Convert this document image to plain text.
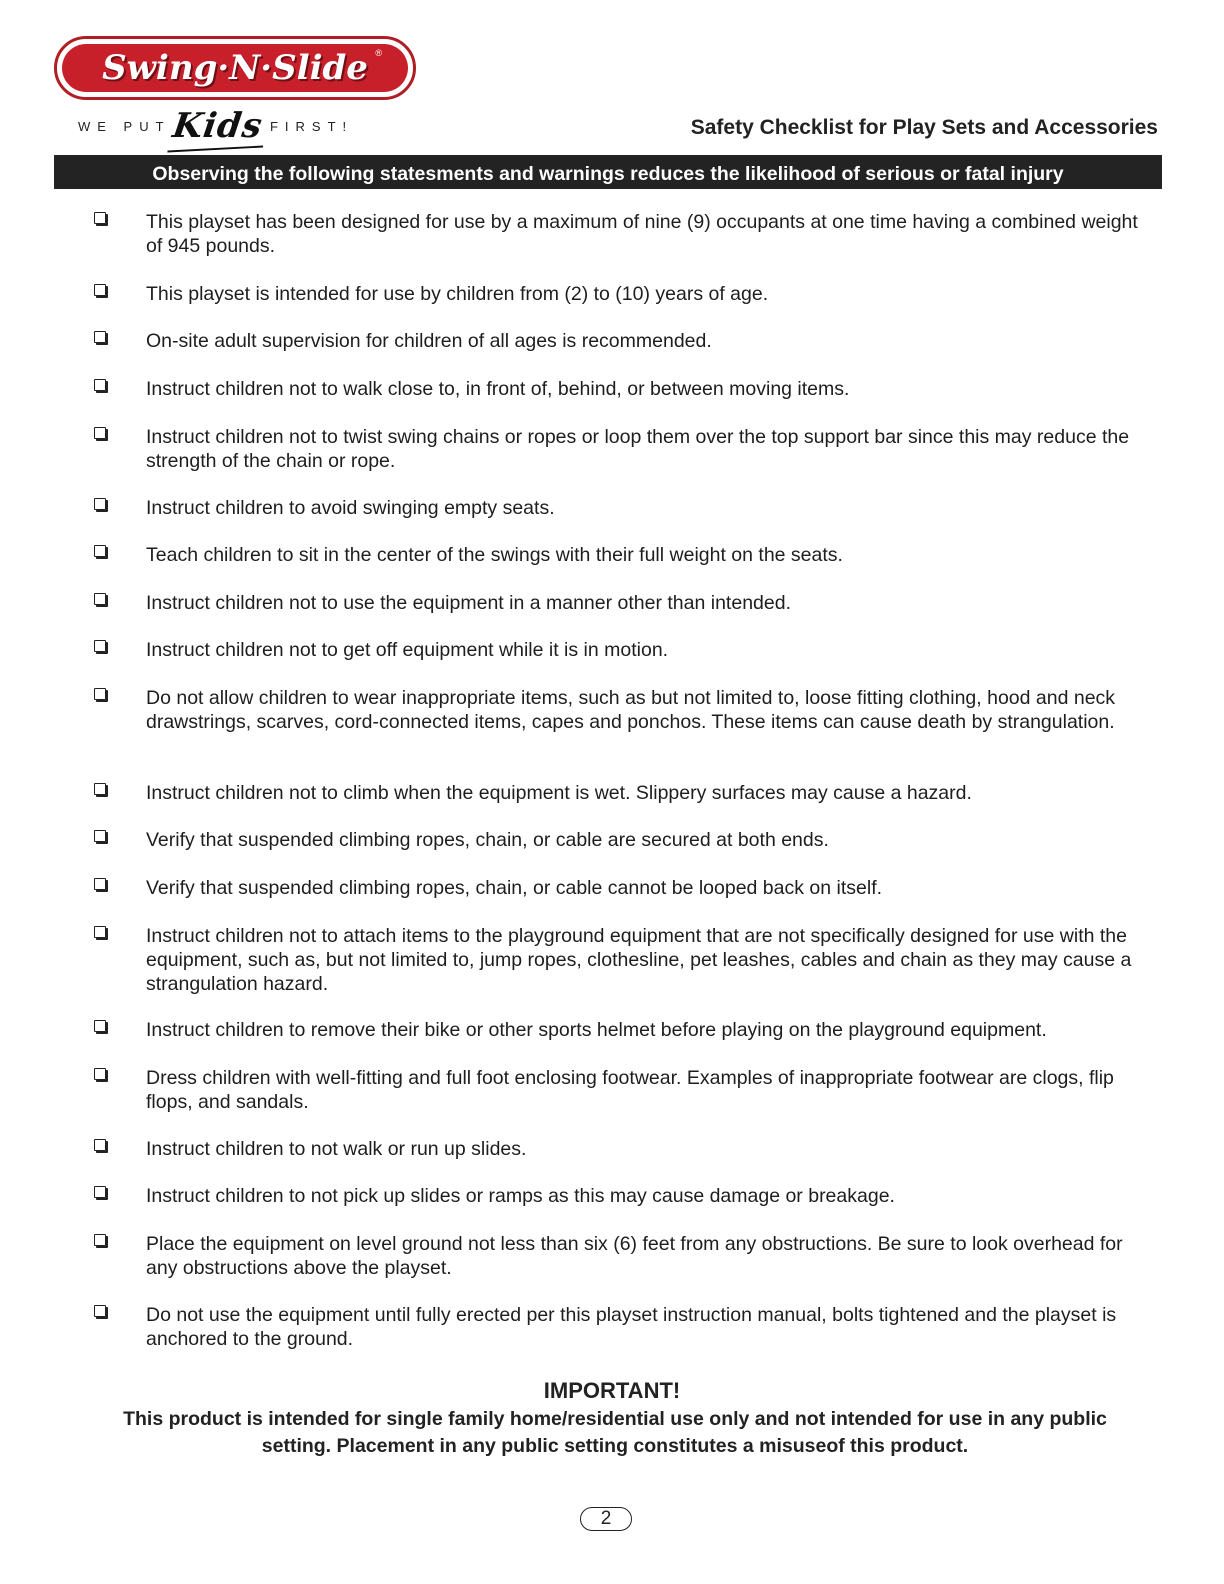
Swing·N·Slide ®
WE PUT Kids FIRST!	Safety Checklist for Play Sets and Accessories
Observing the following statesments and warnings reduces the likelihood of serious or fatal injury
This playset has been designed for use by a maximum of nine (9) occupants at one time having a combined weight of 945 pounds.
This playset is intended for use by children from (2) to (10) years of age.
On-site adult supervision for children of all ages is recommended.
Instruct children not to walk close to, in front of, behind, or between moving items.
Instruct children not to twist swing chains or ropes or loop them over the top support bar since this may reduce the strength of the chain or rope.
Instruct children to avoid swinging empty seats.
Teach children to sit in the center of the swings with their full weight on the seats.
Instruct children not to use the equipment in a manner other than intended.
Instruct children not to get off equipment while it is in motion.
Do not allow children to wear inappropriate items, such as but not limited to, loose fitting clothing, hood and neck drawstrings, scarves, cord-connected items, capes and ponchos. These items can cause death by strangulation.
Instruct children not to climb when the equipment is wet. Slippery surfaces may cause a hazard.
Verify that suspended climbing ropes, chain, or cable are secured at both ends.
Verify that suspended climbing ropes, chain, or cable cannot be looped back on itself.
Instruct children not to attach items to the playground equipment that are not specifically designed for use with the equipment, such as, but not limited to, jump ropes, clothesline, pet leashes, cables and chain as they may cause a strangulation hazard.
Instruct children to remove their bike or other sports helmet before playing on the playground equipment.
Dress children with well-fitting and full foot enclosing footwear. Examples of inappropriate footwear are clogs, flip flops, and sandals.
Instruct children to not walk or run up slides.
Instruct children to not pick up slides or ramps as this may cause damage or breakage.
Place the equipment on level ground not less than six (6) feet from any obstructions. Be sure to look overhead for any obstructions above the playset.
Do not use the equipment until fully erected per this playset instruction manual, bolts tightened and the playset is anchored to the ground.
IMPORTANT!
This product is intended for single family home/residential use only and not intended for use in any public setting. Placement in any public setting constitutes a misuseof this product.
2
